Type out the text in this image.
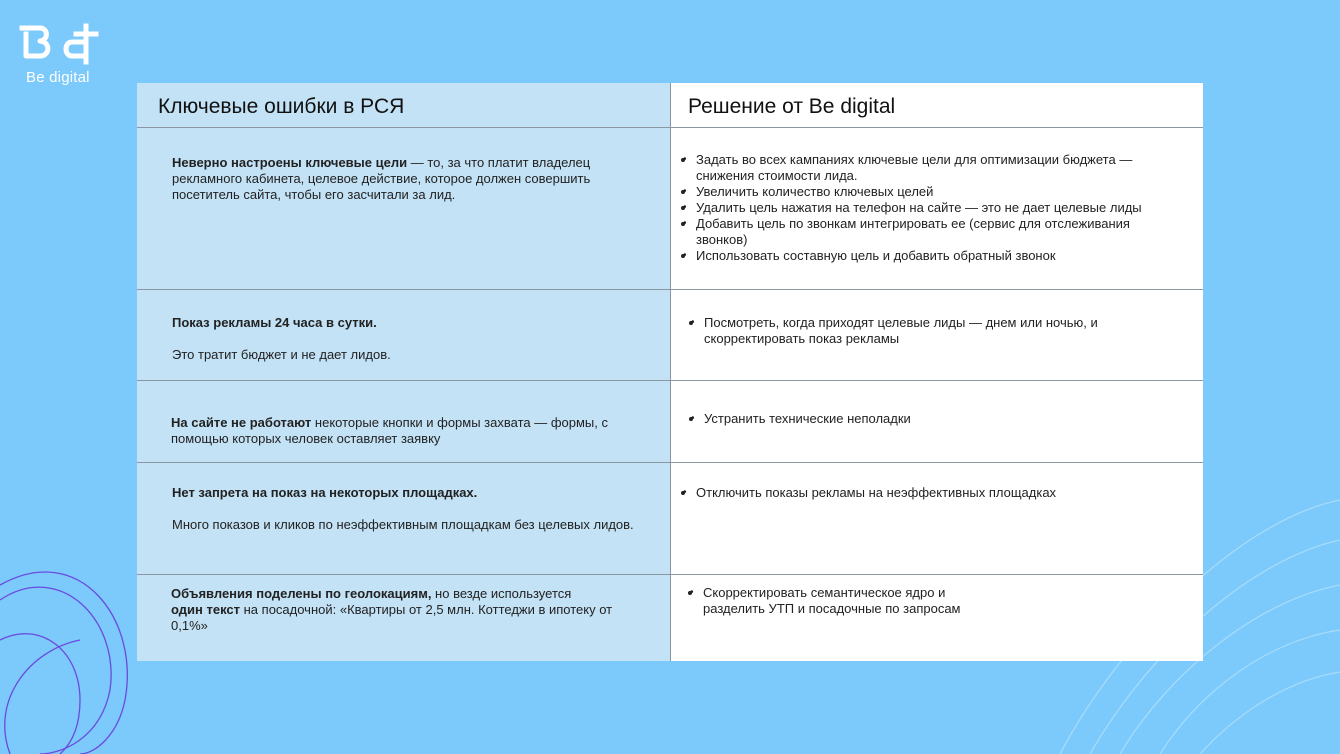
Be digital
Ключевые ошибки в РСЯ	Решение от Be digital
Неверно настроены ключевые цели — то, за что платит владелец рекламного кабинета, целевое действие, которое должен совершить посетитель сайта, чтобы его засчитали за лид.
• • Задать во всех кампаниях ключевые цели для оптимизации бюджета — снижения стоимости лида.
• • Увеличить количество ключевых целей
• • Удалить цель нажатия на телефон на сайте — это не дает целевые лиды
• • Добавить цель по звонкам интегрировать ее (сервис для отслеживания звонков)
• • Использовать составную цель и добавить обратный звонок
Показ рекламы 24 часа в сутки.
Это тратит бюджет и не дает лидов.
• • Посмотреть, когда приходят целевые лиды — днем или ночью, и скорректировать показ рекламы
На сайте не работают некоторые кнопки и формы захвата — формы, с помощью которых человек оставляет заявку
• • Устранить технические неполадки
Нет запрета на показ на некоторых площадках.
Много показов и кликов по неэффективным площадкам без целевых лидов.
• • Отключить показы рекламы на неэффективных площадках
Объявления поделены по геолокациям, но везде используется
один текст на посадочной: «Квартиры от 2,5 млн. Коттеджи в ипотеку от 0,1%»
• • Скорректировать семантическое ядро и разделить УТП и посадочные по запросам
